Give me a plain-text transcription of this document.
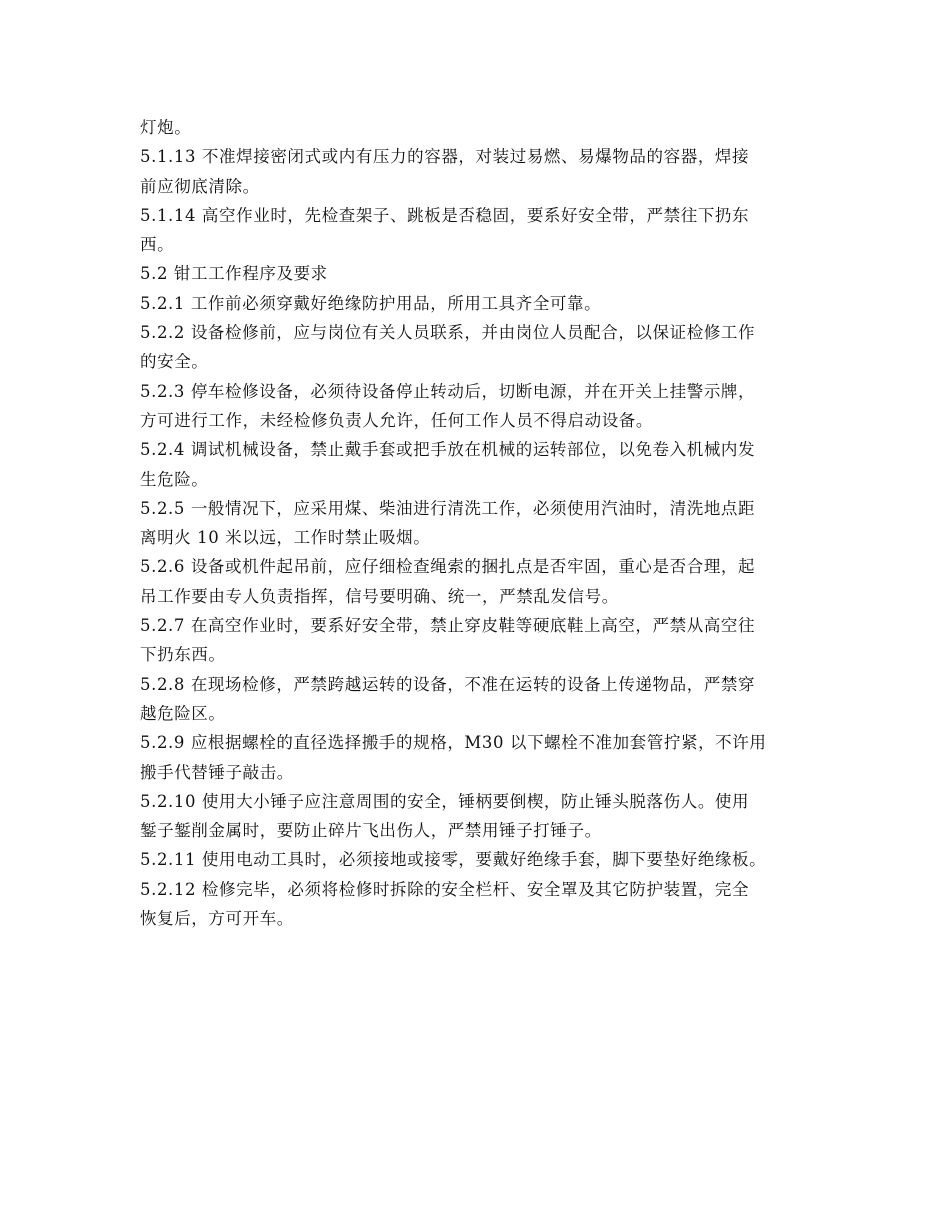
灯炮。
5.1.13 不准焊接密闭式或内有压力的容器，对装过易燃、易爆物品的容器，焊接
前应彻底清除。
5.1.14 高空作业时，先检查架子、跳板是否稳固，要系好安全带，严禁往下扔东
西。
5.2 钳工工作程序及要求
5.2.1 工作前必须穿戴好绝缘防护用品，所用工具齐全可靠。
5.2.2 设备检修前，应与岗位有关人员联系，并由岗位人员配合，以保证检修工作
的安全。
5.2.3 停车检修设备，必须待设备停止转动后，切断电源，并在开关上挂警示牌，
方可进行工作，未经检修负责人允许，任何工作人员不得启动设备。
5.2.4 调试机械设备，禁止戴手套或把手放在机械的运转部位，以免卷入机械内发
生危险。
5.2.5 一般情况下，应采用煤、柴油进行清洗工作，必须使用汽油时，清洗地点距
离明火 10 米以远，工作时禁止吸烟。
5.2.6 设备或机件起吊前，应仔细检查绳索的捆扎点是否牢固，重心是否合理，起
吊工作要由专人负责指挥，信号要明确、统一，严禁乱发信号。
5.2.7 在高空作业时，要系好安全带，禁止穿皮鞋等硬底鞋上高空，严禁从高空往
下扔东西。
5.2.8 在现场检修，严禁跨越运转的设备，不准在运转的设备上传递物品，严禁穿
越危险区。
5.2.9 应根据螺栓的直径选择搬手的规格，M30 以下螺栓不准加套管拧紧，不许用
搬手代替锤子敲击。
5.2.10 使用大小锤子应注意周围的安全，锤柄要倒楔，防止锤头脱落伤人。使用
錾子錾削金属时，要防止碎片飞出伤人，严禁用锤子打锤子。
5.2.11 使用电动工具时，必须接地或接零，要戴好绝缘手套，脚下要垫好绝缘板。
5.2.12 检修完毕，必须将检修时拆除的安全栏杆、安全罩及其它防护装置，完全
恢复后，方可开车。
